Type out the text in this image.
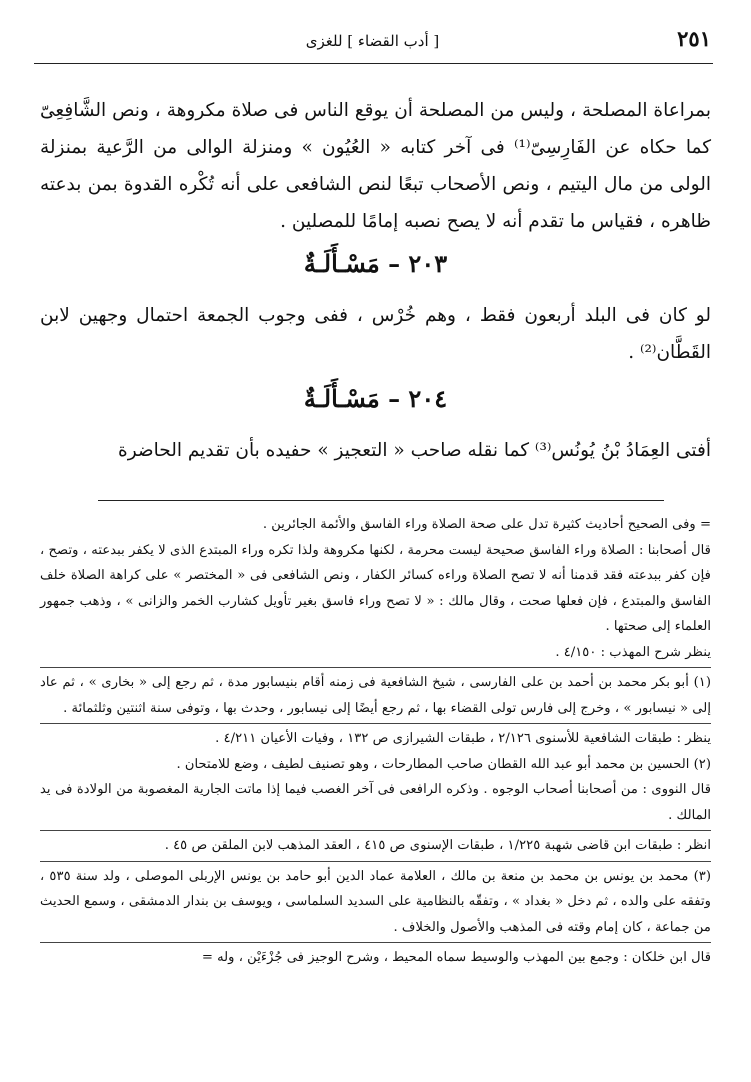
٢٥١
[ أدب القضاء ] للغزى

بمراعاة المصلحة ، وليس من المصلحة أن يوقع الناس فى صلاة مكروهة ، ونص الشَّافِعِىّ كما حكاه عن الفَارِسِىّ⁽¹⁾ فى آخر كتابه « العُيُون » ومنزلة الوالى من الرَّعية بمنزلة الولى من مال اليتيم ، ونص الأصحاب تبعًا لنص الشافعى على أنه تُكْره القدوة بمن بدعته ظاهره ، فقياس ما تقدم أنه لا يصح نصبه إمامًا للمصلين .

٢٠٣ – مَسْـأَلَـةٌ

لو كان فى البلد أربعون فقط ، وهم خُرْس ، ففى وجوب الجمعة احتمال وجهين لابن القَطَّان⁽²⁾ .

٢٠٤ – مَسْـأَلَـةٌ

أفتى العِمَادُ بْنُ يُونُس⁽³⁾ كما نقله صاحب « التعجيز » حفيده بأن تقديم الحاضرة

= وفى الصحيح أحاديث كثيرة تدل على صحة الصلاة وراء الفاسق والأئمة الجائرين .

قال أصحابنا : الصلاة وراء الفاسق صحيحة ليست محرمة ، لكنها مكروهة ولذا تكره وراء المبتدع الذى لا يكفر ببدعته ، وتصح ، فإن كفر ببدعته فقد قدمنا أنه لا تصح الصلاة وراءه كسائر الكفار ، ونص الشافعى فى « المختصر » على كراهة الصلاة خلف الفاسق والمبتدع ، فإن فعلها صحت ، وقال مالك : « لا تصح وراء فاسق بغير تأويل كشارب الخمر والزانى » ، وذهب جمهور العلماء إلى صحتها .

ينظر شرح المهذب : ٤/١٥٠ .

(١) أبو بكر محمد بن أحمد بن على الفارسى ، شيخ الشافعية فى زمنه أقام بنيسابور مدة ، ثم رجع إلى « بخارى » ، ثم عاد إلى « نيسابور » ، وخرج إلى فارس تولى القضاء بها ، ثم رجع أيضًا إلى نيسابور ، وحدث بها ، وتوفى سنة اثنتين وثلثمائة .

ينظر : طبقات الشافعية للأسنوى ٢/١٢٦ ، طبقات الشيرازى ص ١٣٢ ، وفيات الأعيان ٤/٢١١ .

(٢) الحسين بن محمد أبو عبد الله القطان صاحب المطارحات ، وهو تصنيف لطيف ، وضع للامتحان .

قال النووى : من أصحابنا أصحاب الوجوه . وذكره الرافعى فى آخر الغصب فيما إذا ماتت الجارية المغصوبة من الولادة فى يد المالك .

انظر : طبقات ابن قاضى شهبة ١/٢٢٥ ، طبقات الإسنوى ص ٤١٥ ، العقد المذهب لابن الملقن ص ٤٥ .

(٣) محمد بن يونس بن محمد بن منعة بن مالك ، العلامة عماد الدين أبو حامد بن يونس الإربلى الموصلى ، ولد سنة ٥٣٥ ، وتفقه على والده ، ثم دخل « بغداد » ، وتفقّه بالنظامية على السديد السلماسى ، ويوسف بن بندار الدمشقى ، وسمع الحديث من جماعة ، كان إمام وقته فى المذهب والأصول والخلاف .

قال ابن خلكان : وجمع بين المهذب والوسيط سماه المحيط ، وشرح الوجيز فى جُزْءَيْن ، وله =
